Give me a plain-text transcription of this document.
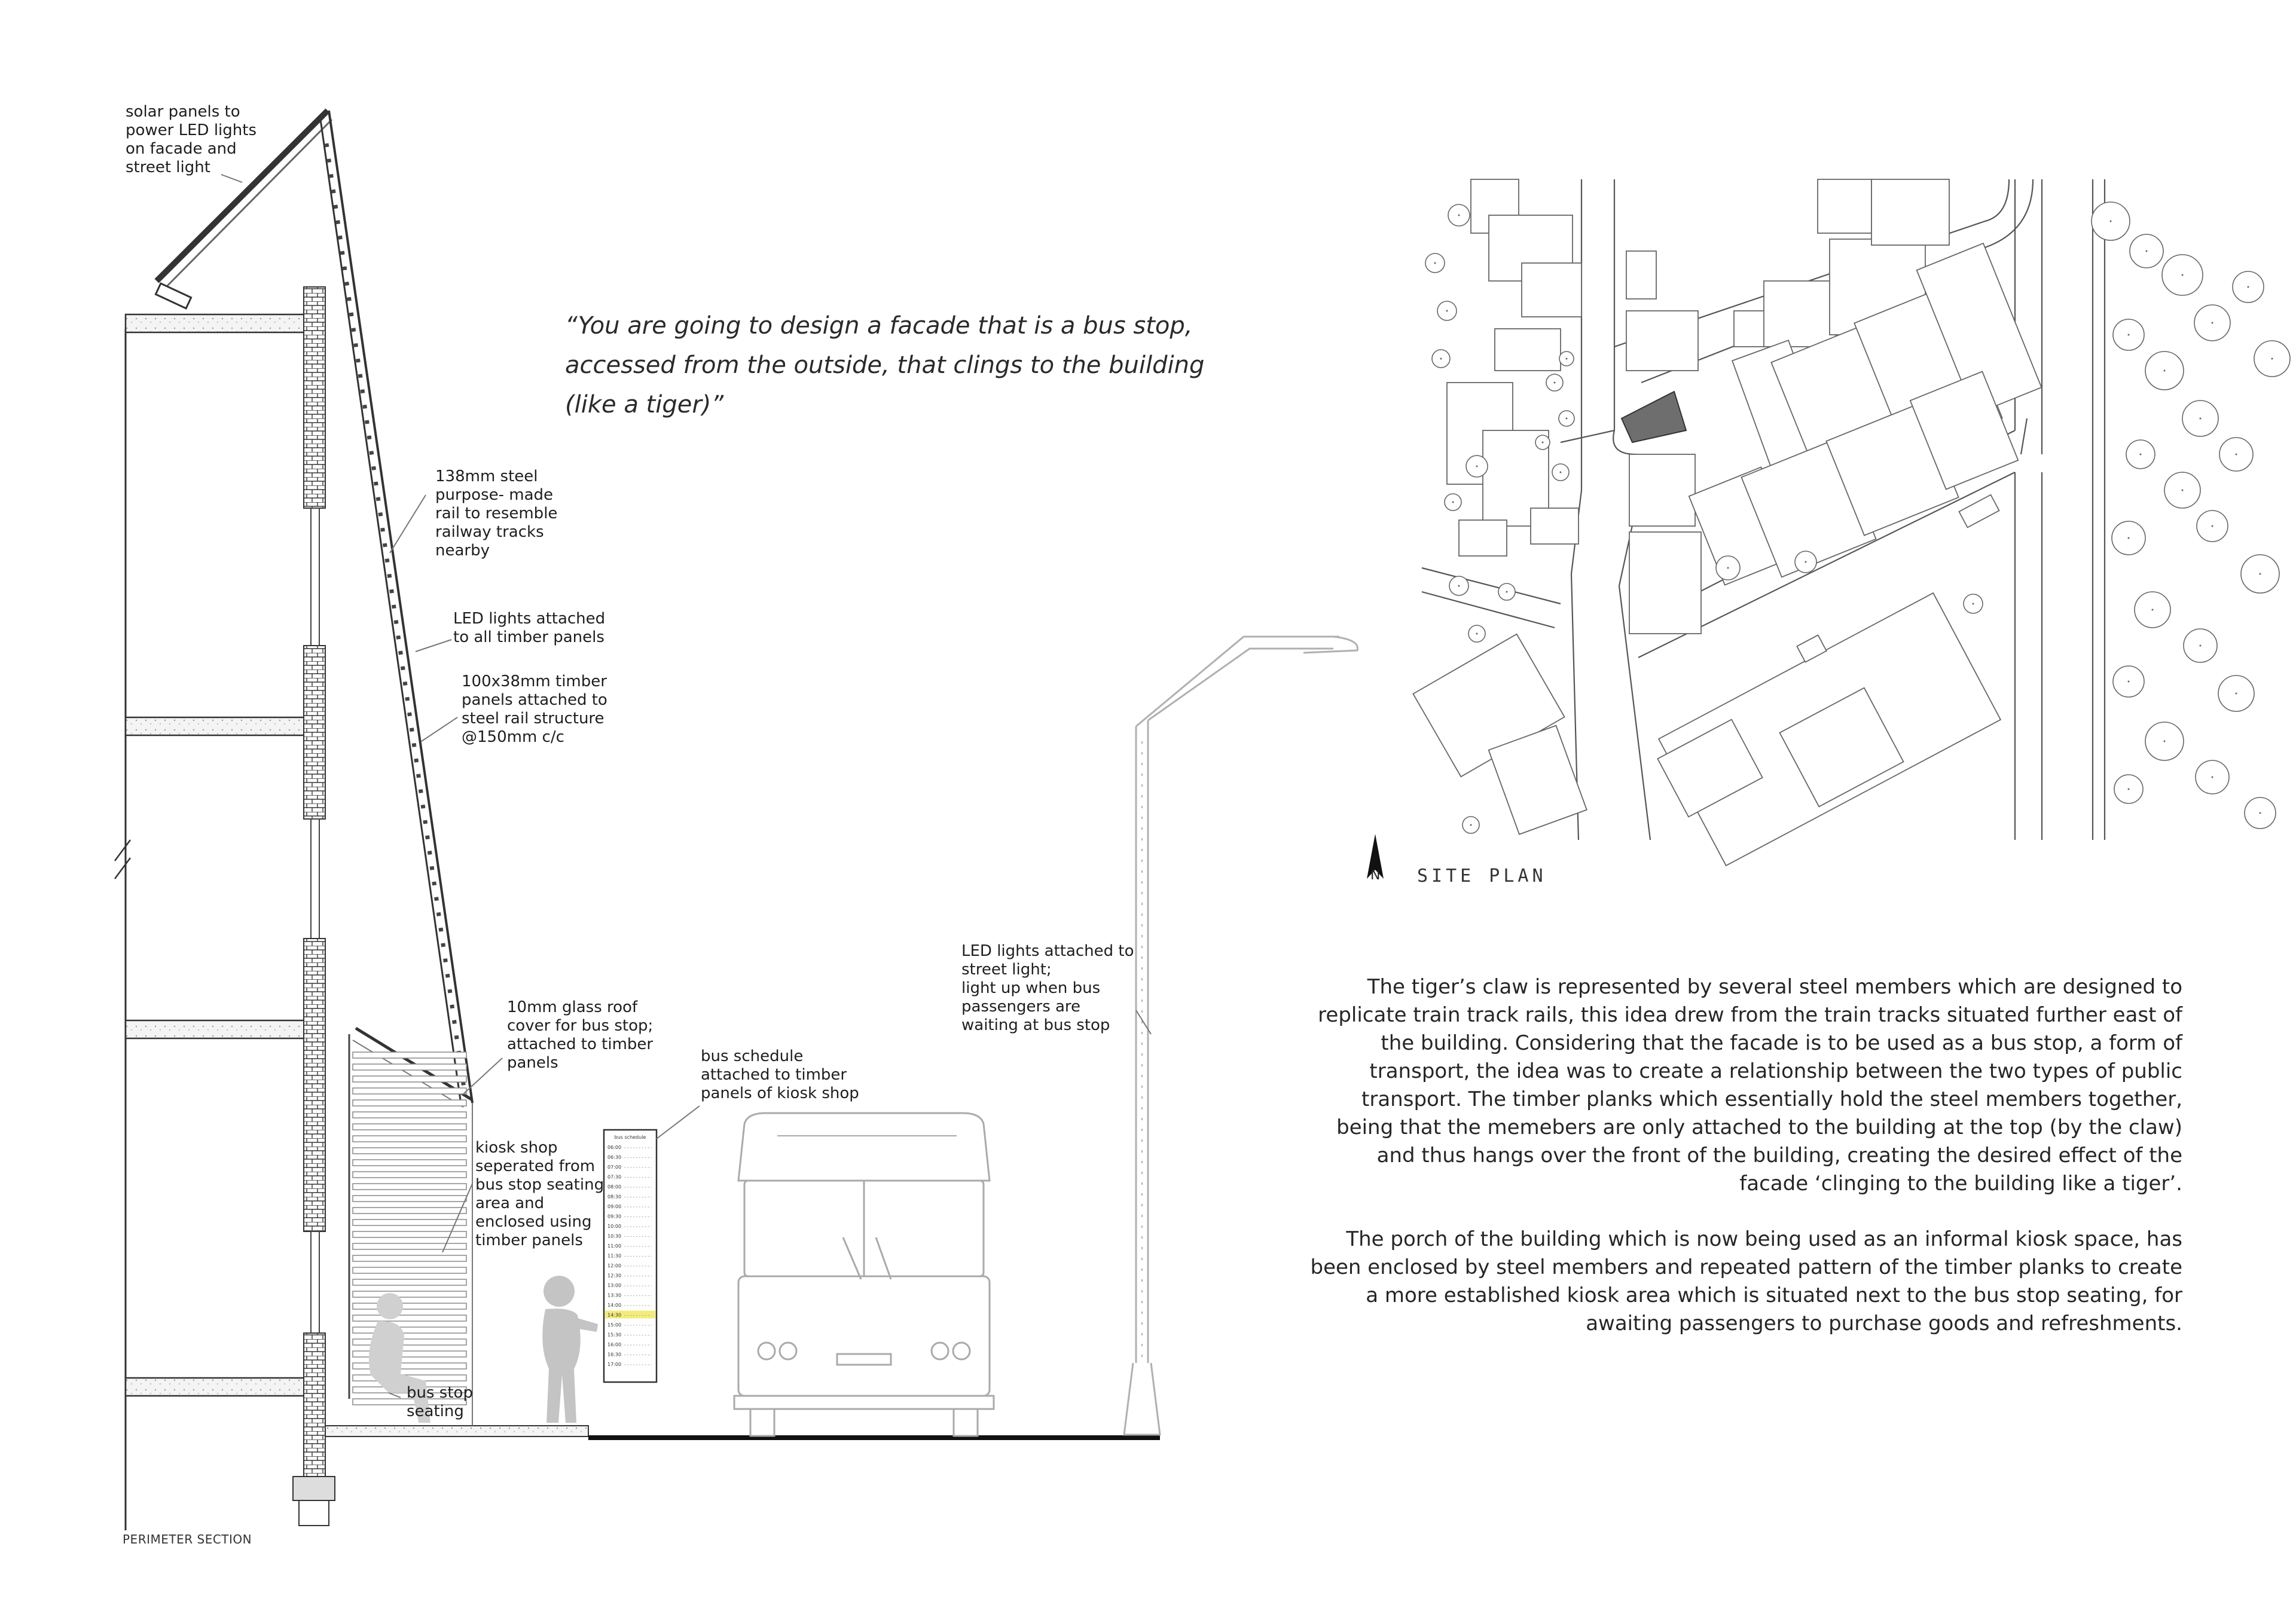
bus schedule
06:00
06:30
07:00
07:30
08:00
08:30
09:00
09:30
10:00
10:30
11:00
11:30
12:00
12:30
13:00
13:30
14:00
14:30
15:00
15:30
16:00
16:30
17:00

solar panels to
power LED lights
on facade and
street light

138mm steel
purpose- made
rail to resemble
railway tracks
nearby

LED lights attached
to all timber panels

100x38mm timber
panels attached to
steel rail structure
@150mm c/c

10mm glass roof
cover for bus stop;
attached to timber
panels

kiosk shop
seperated from
bus stop seating
area and
enclosed using
timber panels

bus schedule
attached to timber
panels of kiosk shop

LED lights attached to
street light;
light up when bus
passengers are
waiting at bus stop

bus stop
seating

“You are going to design a facade that is a bus stop,
accessed from the outside, that clings to the building
(like a tiger)”
N SITE PLAN

The tiger’s claw is represented by several steel members which are designed to replicate train track rails, this idea drew from the train tracks situated further east of the building. Considering that the facade is to be used as a bus stop, a form of transport, the idea was to create a relationship between the two types of public transport. The timber planks which essentially hold the steel members together, being that the memebers are only attached to the building at the top (by the claw) and thus hangs over the front of the building, creating the desired effect of the facade ‘clinging to the building like a tiger’.

The porch of the building which is now being used as an informal kiosk space, has been enclosed by steel members and repeated pattern of the timber planks to create a more established kiosk area which is situated next to the bus stop seating, for awaiting passengers to purchase goods and refreshments.

PERIMETER SECTION
